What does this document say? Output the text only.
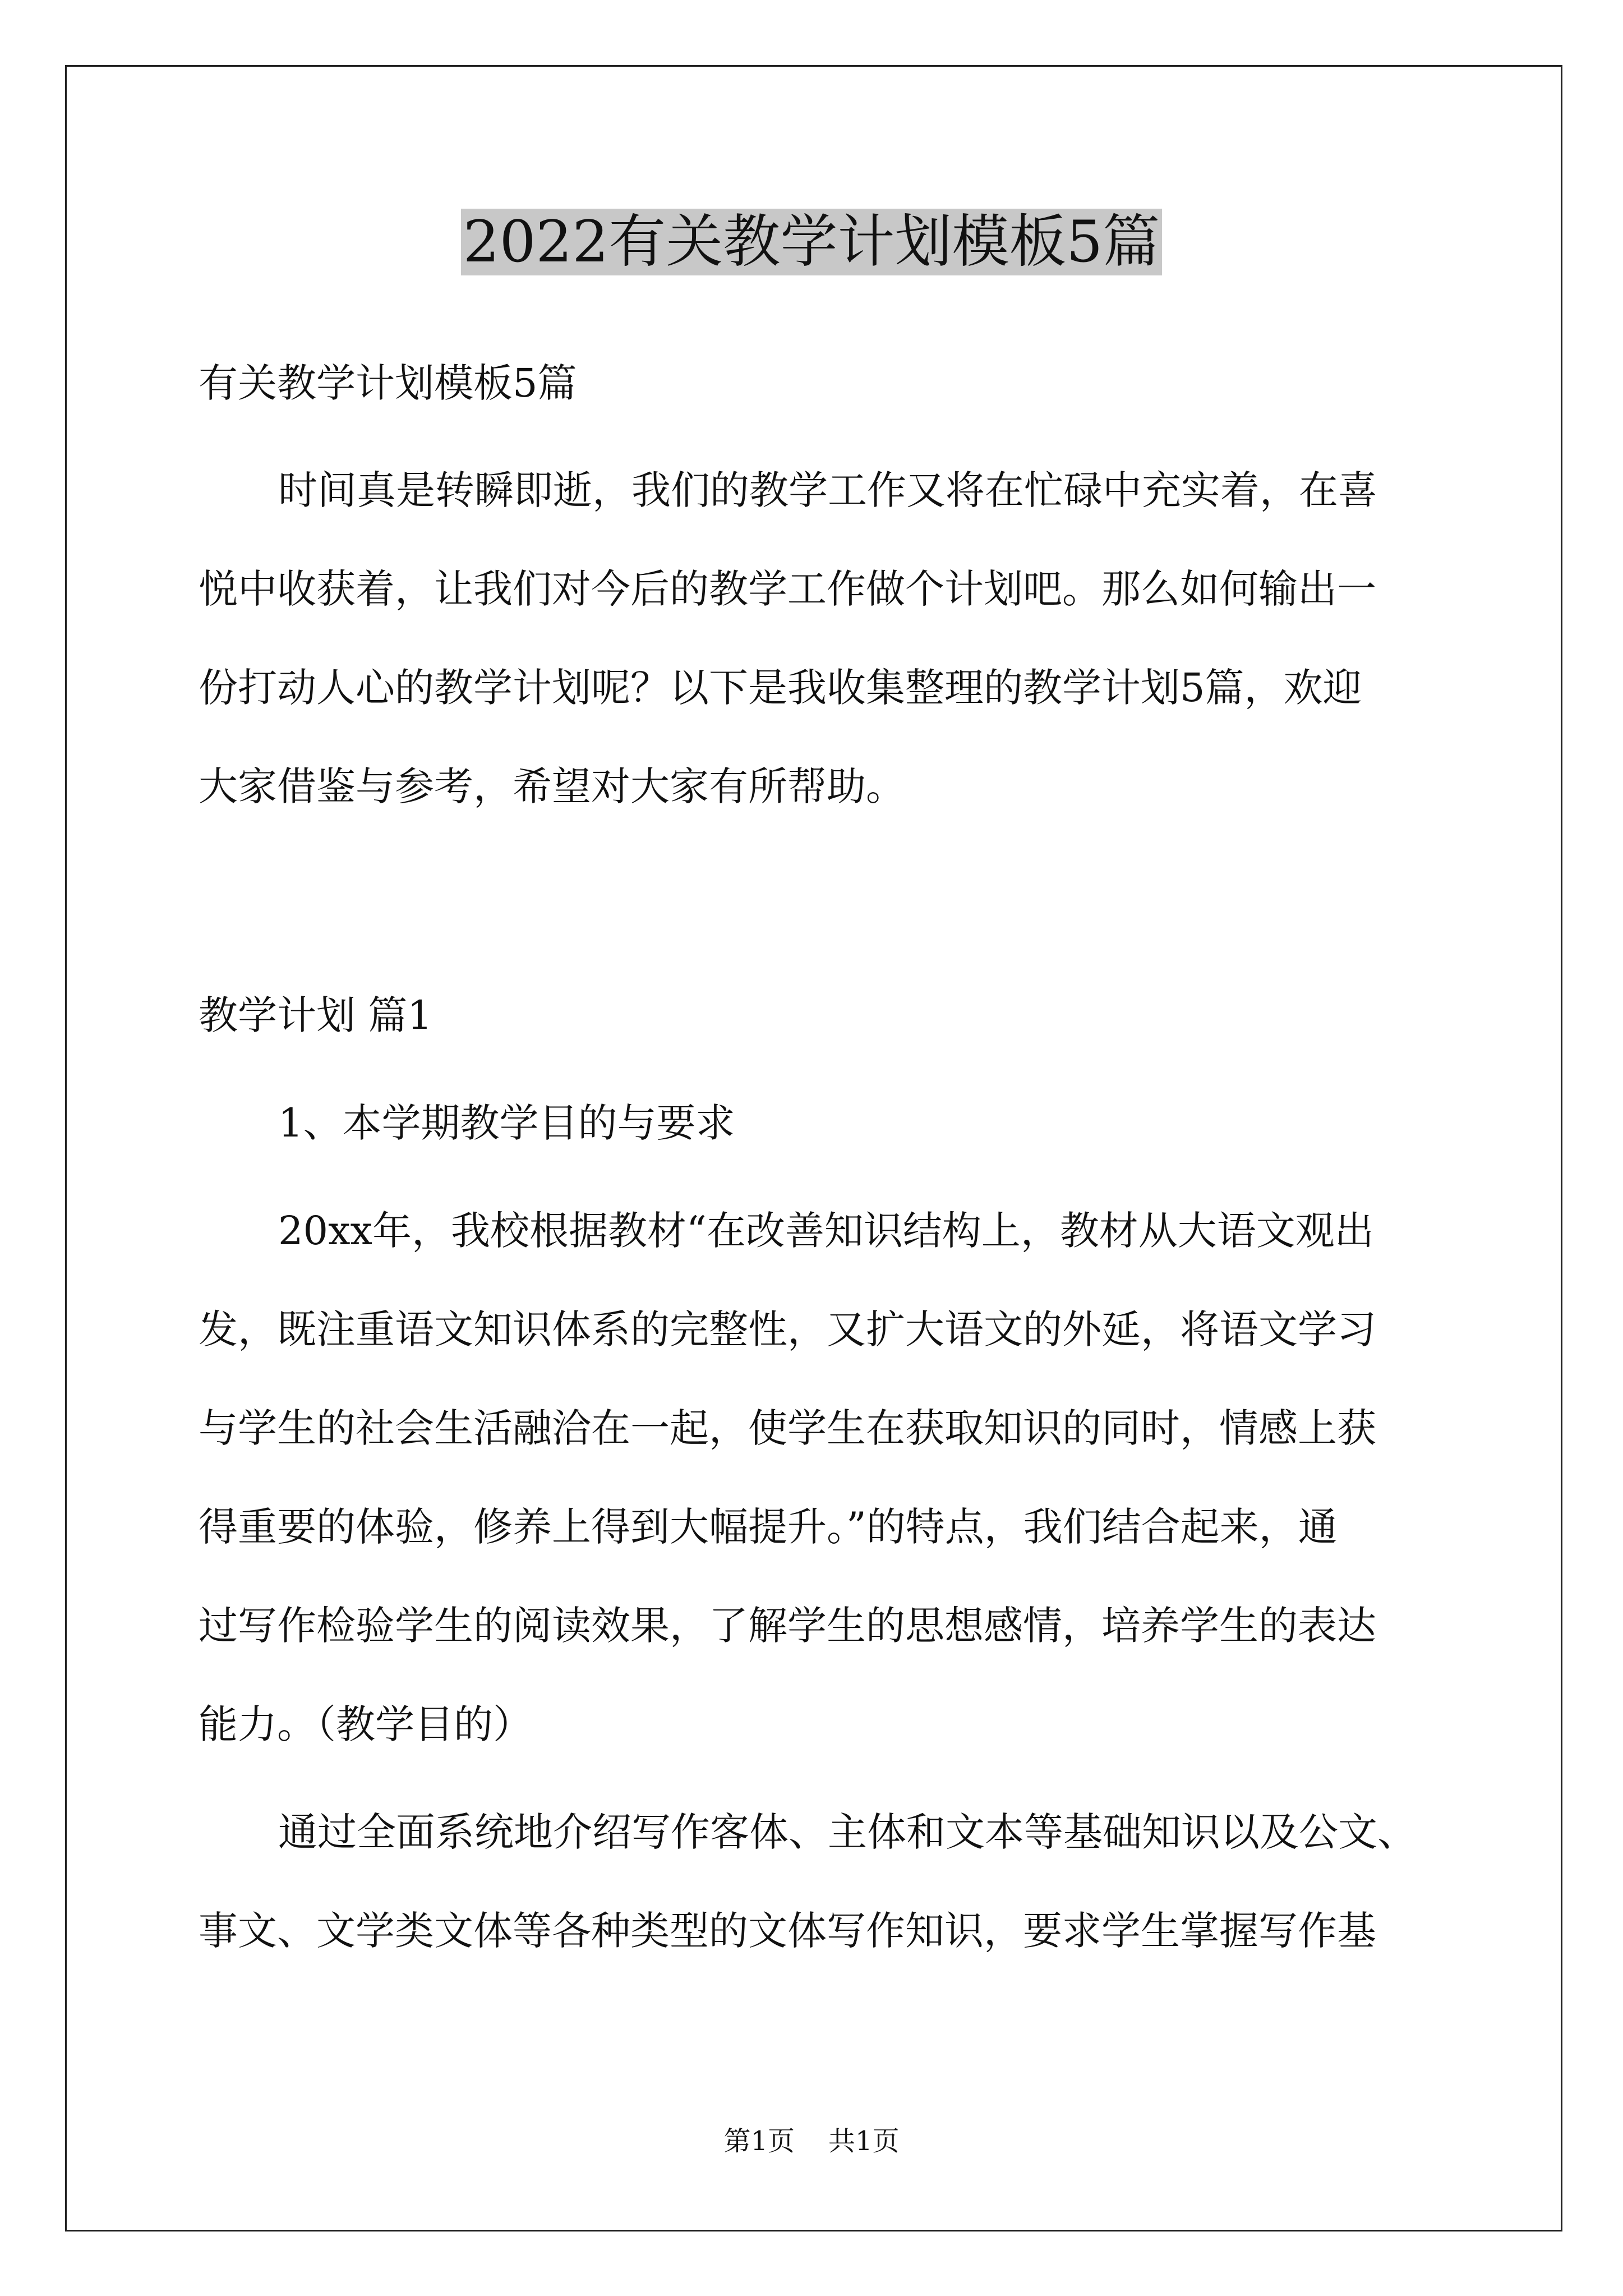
2022有关教学计划模板5篇

有关教学计划模板5篇

时间真是转瞬即逝，我们的教学工作又将在忙碌中充实着，在喜

悦中收获着，让我们对今后的教学工作做个计划吧。那么如何输出一

份打动人心的教学计划呢？以下是我收集整理的教学计划5篇，欢迎

大家借鉴与参考，希望对大家有所帮助。

教学计划 篇1

1、本学期教学目的与要求

20xx年，我校根据教材“在改善知识结构上，教材从大语文观出

发，既注重语文知识体系的完整性，又扩大语文的外延，将语文学习

与学生的社会生活融洽在一起，使学生在获取知识的同时，情感上获

得重要的体验，修养上得到大幅提升。”的特点，我们结合起来，通

过写作检验学生的阅读效果，了解学生的思想感情，培养学生的表达

能力。（教学目的）

通过全面系统地介绍写作客体、主体和文本等基础知识以及公文、

事文、文学类文体等各种类型的文体写作知识，要求学生掌握写作基

第1页 共1页
